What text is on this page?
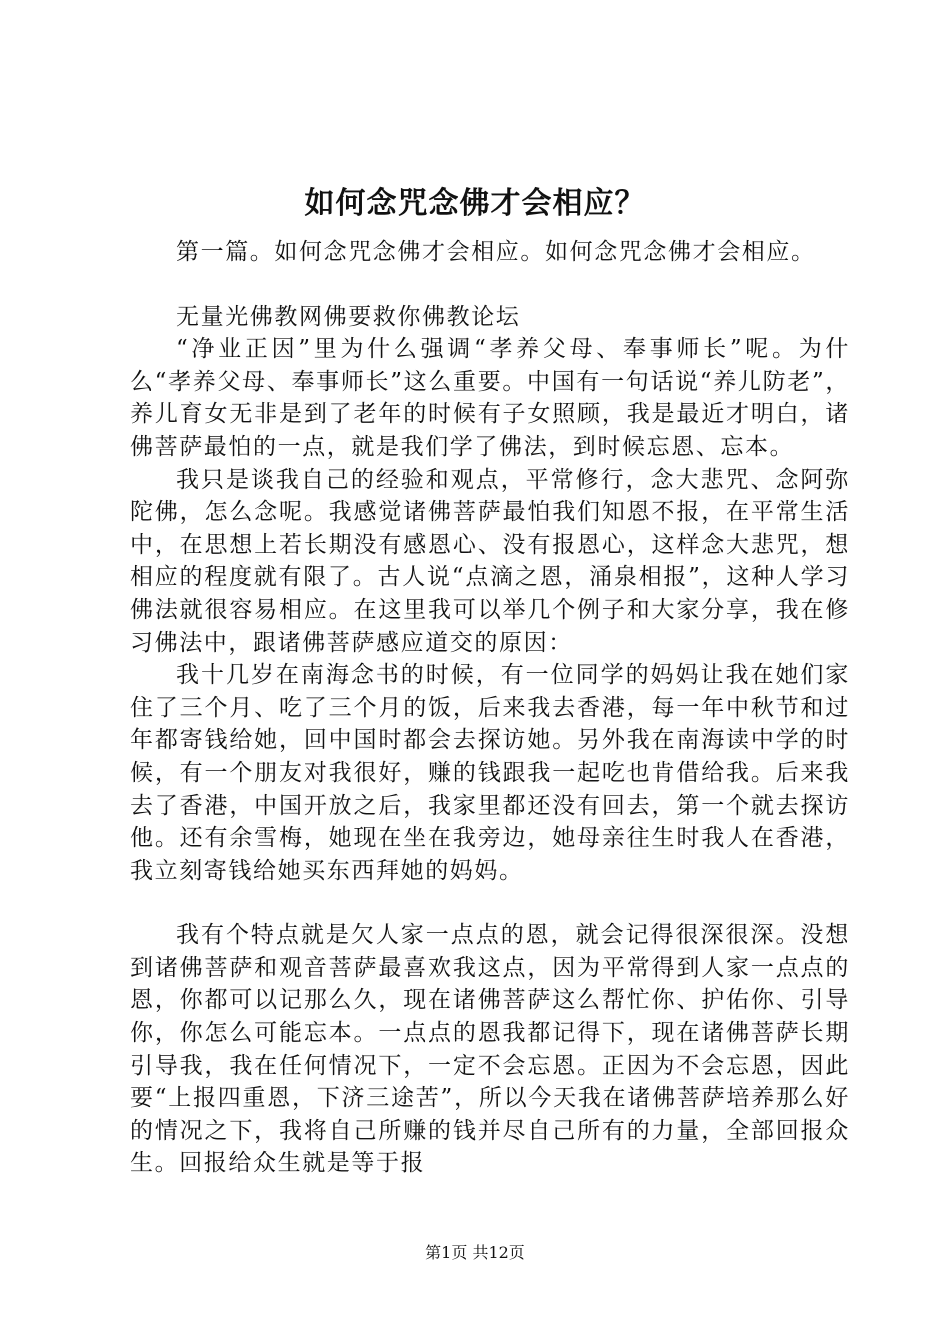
如何念咒念佛才会相应？

第一篇。如何念咒念佛才会相应。如何念咒念佛才会相应。

无量光佛教网佛要救你佛教论坛

“净业正因”里为什么强调“孝养父母、奉事师长”呢。为什么“孝养父母、奉事师长”这么重要。中国有一句话说“养儿防老”，养儿育女无非是到了老年的时候有子女照顾，我是最近才明白，诸佛菩萨最怕的一点，就是我们学了佛法，到时候忘恩、忘本。

我只是谈我自己的经验和观点，平常修行，念大悲咒、念阿弥陀佛，怎么念呢。我感觉诸佛菩萨最怕我们知恩不报，在平常生活中，在思想上若长期没有感恩心、没有报恩心，这样念大悲咒，想相应的程度就有限了。古人说“点滴之恩，涌泉相报”，这种人学习佛法就很容易相应。在这里我可以举几个例子和大家分享，我在修习佛法中，跟诸佛菩萨感应道交的原因：

我十几岁在南海念书的时候，有一位同学的妈妈让我在她们家住了三个月、吃了三个月的饭，后来我去香港，每一年中秋节和过年都寄钱给她，回中国时都会去探访她。另外我在南海读中学的时候，有一个朋友对我很好，赚的钱跟我一起吃也肯借给我。后来我去了香港，中国开放之后，我家里都还没有回去，第一个就去探访他。还有余雪梅，她现在坐在我旁边，她母亲往生时我人在香港，我立刻寄钱给她买东西拜她的妈妈。

我有个特点就是欠人家一点点的恩，就会记得很深很深。没想到诸佛菩萨和观音菩萨最喜欢我这点，因为平常得到人家一点点的恩，你都可以记那么久，现在诸佛菩萨这么帮忙你、护佑你、引导你，你怎么可能忘本。一点点的恩我都记得下，现在诸佛菩萨长期引导我，我在任何情况下，一定不会忘恩。正因为不会忘恩，因此要“上报四重恩，下济三途苦”，所以今天我在诸佛菩萨培养那么好的情况之下，我将自己所赚的钱并尽自己所有的力量，全部回报众生。回报给众生就是等于报

第1页 共12页
